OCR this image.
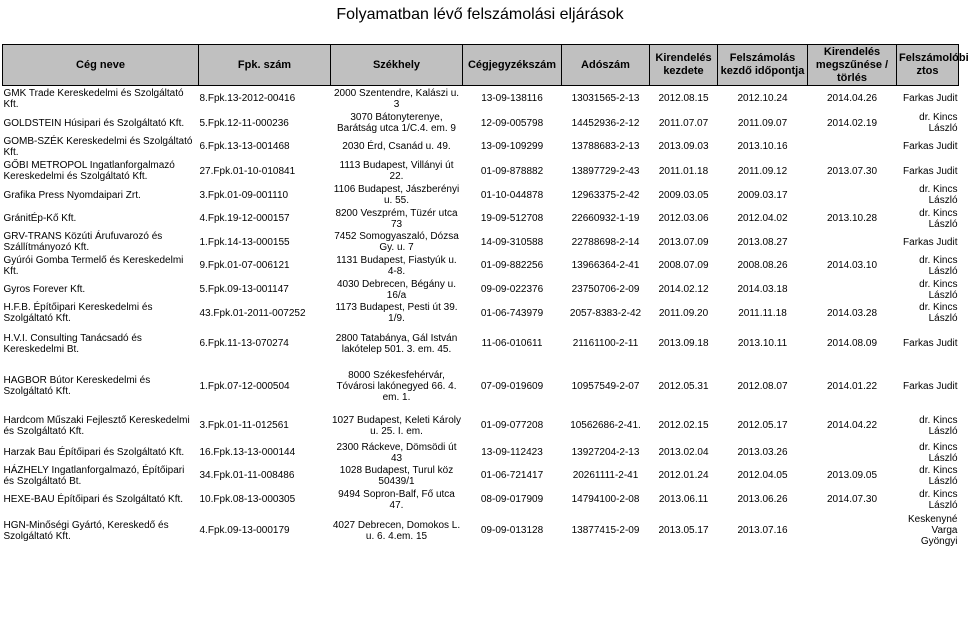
Folyamatban lévő felszámolási eljárások
Cég neve	Fpk. szám	Székhely	Cégjegyzékszám	Adószám	Kirendelés kezdete	Felszámolás kezdő időpontja	Kirendelés megszűnése / törlés	Felszámolóbi ztos
GMK Trade Kereskedelmi és Szolgáltató Kft.	8.Fpk.13-2012-00416	2000 Szentendre, Kalászi u. 3	13-09-138116	13031565-2-13	2012.08.15	2012.10.24	2014.04.26	Farkas Judit
GOLDSTEIN Húsipari és Szolgáltató Kft.	5.Fpk.12-11-000236	3070 Bátonyterenye, Barátság utca 1/C.4. em. 9	12-09-005798	14452936-2-12	2011.07.07	2011.09.07	2014.02.19	dr. Kincs László
GOMB-SZÉK Kereskedelmi és Szolgáltató Kft.	6.Fpk.13-13-001468	2030 Érd, Csanád u. 49.	13-09-109299	13788683-2-13	2013.09.03	2013.10.16		Farkas Judit
GŐBI METROPOL Ingatlanforgalmazó Kereskedelmi és Szolgáltató Kft.	27.Fpk.01-10-010841	1113 Budapest, Villányi út 22.	01-09-878882	13897729-2-43	2011.01.18	2011.09.12	2013.07.30	Farkas Judit
Grafika Press Nyomdaipari Zrt.	3.Fpk.01-09-001110	1106 Budapest, Jászberényi u. 55.	01-10-044878	12963375-2-42	2009.03.05	2009.03.17		dr. Kincs László
GránitÉp-Kő Kft.	4.Fpk.19-12-000157	8200 Veszprém, Tüzér utca 73	19-09-512708	22660932-1-19	2012.03.06	2012.04.02	2013.10.28	dr. Kincs László
GRV-TRANS Közúti Árufuvarozó és Szállítmányozó Kft.	1.Fpk.14-13-000155	7452 Somogyaszaló, Dózsa Gy. u. 7	14-09-310588	22788698-2-14	2013.07.09	2013.08.27		Farkas Judit
Gyúrói Gomba Termelő és Kereskedelmi Kft.	9.Fpk.01-07-006121	1131 Budapest, Fiastyúk u. 4-8.	01-09-882256	13966364-2-41	2008.07.09	2008.08.26	2014.03.10	dr. Kincs László
Gyros Forever Kft.	5.Fpk.09-13-001147	4030 Debrecen, Bégány u. 16/a	09-09-022376	23750706-2-09	2014.02.12	2014.03.18		dr. Kincs László
H.F.B. Építőipari Kereskedelmi és Szolgáltató Kft.	43.Fpk.01-2011-007252	1173 Budapest, Pesti út 39. 1/9.	01-06-743979	2057-8383-2-42	2011.09.20	2011.11.18	2014.03.28	dr. Kincs László
H.V.I. Consulting Tanácsadó és Kereskedelmi Bt.	6.Fpk.11-13-070274	2800 Tatabánya, Gál István lakótelep 501. 3. em. 45.	11-06-010611	21161100-2-11	2013.09.18	2013.10.11	2014.08.09	Farkas Judit
HAGBOR Bútor Kereskedelmi és Szolgáltató Kft.	1.Fpk.07-12-000504	8000 Székesfehérvár, Tóvárosi lakónegyed 66. 4. em. 1.	07-09-019609	10957549-2-07	2012.05.31	2012.08.07	2014.01.22	Farkas Judit
Hardcom Műszaki Fejlesztő Kereskedelmi és Szolgáltató Kft.	3.Fpk.01-11-012561	1027 Budapest, Keleti Károly u. 25. I. em.	01-09-077208	10562686-2-41.	2012.02.15	2012.05.17	2014.04.22	dr. Kincs László
Harzak Bau Építőipari és Szolgáltató Kft.	16.Fpk.13-13-000144	2300 Ráckeve, Dömsödi út 43	13-09-112423	13927204-2-13	2013.02.04	2013.03.26		dr. Kincs László
HÁZHELY Ingatlanforgalmazó, Építőipari és Szolgáltató Bt.	34.Fpk.01-11-008486	1028 Budapest, Turul köz 50439/1	01-06-721417	20261111-2-41	2012.01.24	2012.04.05	2013.09.05	dr. Kincs László
HEXE-BAU Építőipari és Szolgáltató Kft.	10.Fpk.08-13-000305	9494 Sopron-Balf, Fő utca 47.	08-09-017909	14794100-2-08	2013.06.11	2013.06.26	2014.07.30	dr. Kincs László
HGN-Minőségi Gyártó, Kereskedő és Szolgáltató Kft.	4.Fpk.09-13-000179	4027 Debrecen, Domokos L. u. 6. 4.em. 15	09-09-013128	13877415-2-09	2013.05.17	2013.07.16		Keskenyné Varga Gyöngyi
